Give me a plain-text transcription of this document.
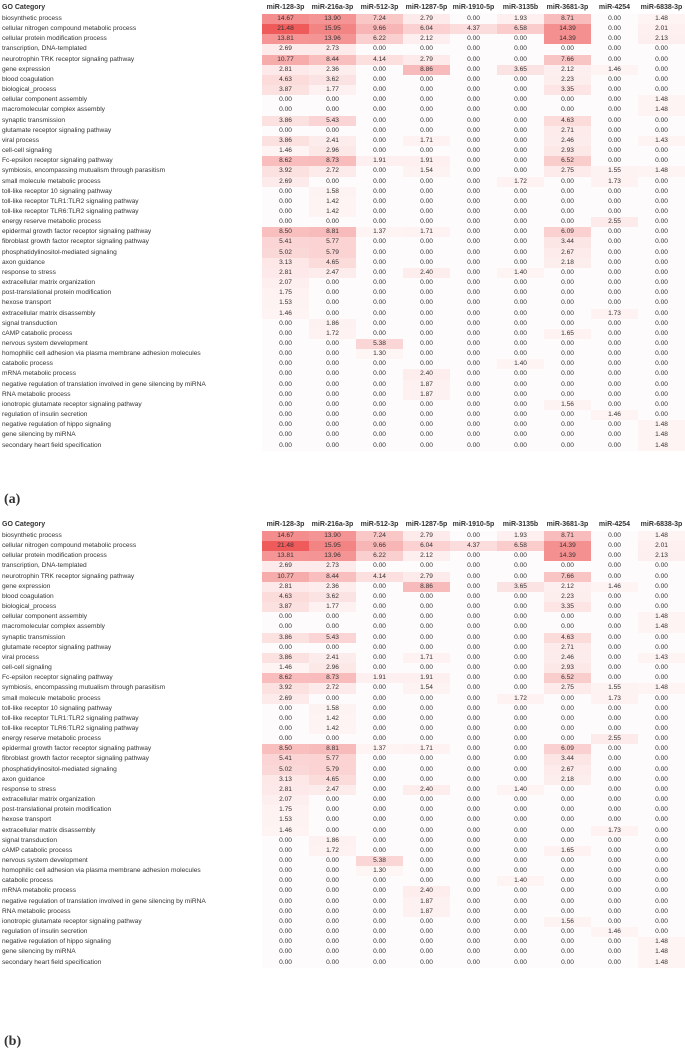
GO Category	miR-128-3p	miR-216a-3p	miR-512-3p	miR-1287-5p miR-1910-5p	miR-3135b	miR-3681-3p	miR-4254	miR-6838-3p
biosynthetic process	14.67	13.90	7.24	2.79	0.00	1.93	8.71	0.00	1.48
cellular nitrogen compound metabolic process	21.48	15.95	9.66	6.04	4.37	6.58	14.39	0.00	2.01
cellular protein modification process	13.81	13.96	6.22	2.12	0.00	0.00	14.39	0.00	2.13
transcription, DNA-templated	2.69	2.73	0.00	0.00	0.00	0.00	0.00	0.00	0.00
neurotrophin TRK receptor signaling pathway	10.77	8.44	4.14	2.79	0.00	0.00	7.66	0.00	0.00
gene expression	2.81	2.36	0.00	8.86	0.00	3.65	2.12	1.46	0.00
blood coagulation	4.63	3.62	0.00	0.00	0.00	0.00	2.23	0.00	0.00
biological_process	3.87	1.77	0.00	0.00	0.00	0.00	3.35	0.00	0.00
cellular component assembly	0.00	0.00	0.00	0.00	0.00	0.00	0.00	0.00	1.48
macromolecular complex assembly	0.00	0.00	0.00	0.00	0.00	0.00	0.00	0.00	1.48
synaptic transmission	3.86	5.43	0.00	0.00	0.00	0.00	4.63	0.00	0.00
glutamate receptor signaling pathway	0.00	0.00	0.00	0.00	0.00	0.00	2.71	0.00	0.00
viral process	3.86	2.41	0.00	1.71	0.00	0.00	2.46	0.00	1.43
cell-cell signaling	1.46	2.96	0.00	0.00	0.00	0.00	2.93	0.00	0.00
Fc-epsilon receptor signaling pathway	8.62	8.73	1.91	1.91	0.00	0.00	6.52	0.00	0.00
symbiosis, encompassing mutualism through parasitism	3.92	2.72	0.00	1.54	0.00	0.00	2.75	1.55	1.48
small molecule metabolic process	2.69	0.00	0.00	0.00	0.00	1.72	0.00	1.73	0.00
toll-like receptor 10 signaling pathway	0.00	1.58	0.00	0.00	0.00	0.00	0.00	0.00	0.00
toll-like receptor TLR1:TLR2 signaling pathway	0.00	1.42	0.00	0.00	0.00	0.00	0.00	0.00	0.00
toll-like receptor TLR6:TLR2 signaling pathway	0.00	1.42	0.00	0.00	0.00	0.00	0.00	0.00	0.00
energy reserve metabolic process	0.00	0.00	0.00	0.00	0.00	0.00	0.00	2.55	0.00
epidermal growth factor receptor signaling pathway	8.50	8.81	1.37	1.71	0.00	0.00	6.09	0.00	0.00
fibroblast growth factor receptor signaling pathway	5.41	5.77	0.00	0.00	0.00	0.00	3.44	0.00	0.00
phosphatidylinositol-mediated signaling	5.02	5.79	0.00	0.00	0.00	0.00	2.67	0.00	0.00
axon guidance	3.13	4.65	0.00	0.00	0.00	0.00	2.18	0.00	0.00
response to stress	2.81	2.47	0.00	2.40	0.00	1.40	0.00	0.00	0.00
extracellular matrix organization	2.07	0.00	0.00	0.00	0.00	0.00	0.00	0.00	0.00
post-translational protein modification	1.75	0.00	0.00	0.00	0.00	0.00	0.00	0.00	0.00
hexose transport	1.53	0.00	0.00	0.00	0.00	0.00	0.00	0.00	0.00
extracellular matrix disassembly	1.46	0.00	0.00	0.00	0.00	0.00	0.00	1.73	0.00
signal transduction	0.00	1.86	0.00	0.00	0.00	0.00	0.00	0.00	0.00
cAMP catabolic process	0.00	1.72	0.00	0.00	0.00	0.00	1.65	0.00	0.00
nervous system development	0.00	0.00	5.38	0.00	0.00	0.00	0.00	0.00	0.00
homophilic cell adhesion via plasma membrane adhesion molecules	0.00	0.00	1.30	0.00	0.00	0.00	0.00	0.00	0.00
catabolic process	0.00	0.00	0.00	0.00	0.00	1.40	0.00	0.00	0.00
mRNA metabolic process	0.00	0.00	0.00	2.40	0.00	0.00	0.00	0.00	0.00
negative regulation of translation involved in gene silencing by miRNA	0.00	0.00	0.00	1.87	0.00	0.00	0.00	0.00	0.00
RNA metabolic process	0.00	0.00	0.00	1.87	0.00	0.00	0.00	0.00	0.00
ionotropic glutamate receptor signaling pathway	0.00	0.00	0.00	0.00	0.00	0.00	1.56	0.00	0.00
regulation of insulin secretion	0.00	0.00	0.00	0.00	0.00	0.00	0.00	1.46	0.00
negative regulation of hippo signaling	0.00	0.00	0.00	0.00	0.00	0.00	0.00	0.00	1.48
gene silencing by miRNA	0.00	0.00	0.00	0.00	0.00	0.00	0.00	0.00	1.48
secondary heart field specification	0.00	0.00	0.00	0.00	0.00	0.00	0.00	0.00	1.48
(a)
GO Category	miR-128-3p	miR-216a-3p	miR-512-3p	miR-1287-5p miR-1910-5p	miR-3135b	miR-3681-3p	miR-4254	miR-6838-3p
biosynthetic process	14.67	13.90	7.24	2.79	0.00	1.93	8.71	0.00	1.48
cellular nitrogen compound metabolic process	21.48	15.95	9.66	6.04	4.37	6.58	14.39	0.00	2.01
cellular protein modification process	13.81	13.96	6.22	2.12	0.00	0.00	14.39	0.00	2.13
transcription, DNA-templated	2.69	2.73	0.00	0.00	0.00	0.00	0.00	0.00	0.00
neurotrophin TRK receptor signaling pathway	10.77	8.44	4.14	2.79	0.00	0.00	7.66	0.00	0.00
gene expression	2.81	2.36	0.00	8.86	0.00	3.65	2.12	1.46	0.00
blood coagulation	4.63	3.62	0.00	0.00	0.00	0.00	2.23	0.00	0.00
biological_process	3.87	1.77	0.00	0.00	0.00	0.00	3.35	0.00	0.00
cellular component assembly	0.00	0.00	0.00	0.00	0.00	0.00	0.00	0.00	1.48
macromolecular complex assembly	0.00	0.00	0.00	0.00	0.00	0.00	0.00	0.00	1.48
synaptic transmission	3.86	5.43	0.00	0.00	0.00	0.00	4.63	0.00	0.00
glutamate receptor signaling pathway	0.00	0.00	0.00	0.00	0.00	0.00	2.71	0.00	0.00
viral process	3.86	2.41	0.00	1.71	0.00	0.00	2.46	0.00	1.43
cell-cell signaling	1.46	2.96	0.00	0.00	0.00	0.00	2.93	0.00	0.00
Fc-epsilon receptor signaling pathway	8.62	8.73	1.91	1.91	0.00	0.00	6.52	0.00	0.00
symbiosis, encompassing mutualism through parasitism	3.92	2.72	0.00	1.54	0.00	0.00	2.75	1.55	1.48
small molecule metabolic process	2.69	0.00	0.00	0.00	0.00	1.72	0.00	1.73	0.00
toll-like receptor 10 signaling pathway	0.00	1.58	0.00	0.00	0.00	0.00	0.00	0.00	0.00
toll-like receptor TLR1:TLR2 signaling pathway	0.00	1.42	0.00	0.00	0.00	0.00	0.00	0.00	0.00
toll-like receptor TLR6:TLR2 signaling pathway	0.00	1.42	0.00	0.00	0.00	0.00	0.00	0.00	0.00
energy reserve metabolic process	0.00	0.00	0.00	0.00	0.00	0.00	0.00	2.55	0.00
epidermal growth factor receptor signaling pathway	8.50	8.81	1.37	1.71	0.00	0.00	6.09	0.00	0.00
fibroblast growth factor receptor signaling pathway	5.41	5.77	0.00	0.00	0.00	0.00	3.44	0.00	0.00
phosphatidylinositol-mediated signaling	5.02	5.79	0.00	0.00	0.00	0.00	2.67	0.00	0.00
axon guidance	3.13	4.65	0.00	0.00	0.00	0.00	2.18	0.00	0.00
response to stress	2.81	2.47	0.00	2.40	0.00	1.40	0.00	0.00	0.00
extracellular matrix organization	2.07	0.00	0.00	0.00	0.00	0.00	0.00	0.00	0.00
post-translational protein modification	1.75	0.00	0.00	0.00	0.00	0.00	0.00	0.00	0.00
hexose transport	1.53	0.00	0.00	0.00	0.00	0.00	0.00	0.00	0.00
extracellular matrix disassembly	1.46	0.00	0.00	0.00	0.00	0.00	0.00	1.73	0.00
signal transduction	0.00	1.86	0.00	0.00	0.00	0.00	0.00	0.00	0.00
cAMP catabolic process	0.00	1.72	0.00	0.00	0.00	0.00	1.65	0.00	0.00
nervous system development	0.00	0.00	5.38	0.00	0.00	0.00	0.00	0.00	0.00
homophilic cell adhesion via plasma membrane adhesion molecules	0.00	0.00	1.30	0.00	0.00	0.00	0.00	0.00	0.00
catabolic process	0.00	0.00	0.00	0.00	0.00	1.40	0.00	0.00	0.00
mRNA metabolic process	0.00	0.00	0.00	2.40	0.00	0.00	0.00	0.00	0.00
negative regulation of translation involved in gene silencing by miRNA	0.00	0.00	0.00	1.87	0.00	0.00	0.00	0.00	0.00
RNA metabolic process	0.00	0.00	0.00	1.87	0.00	0.00	0.00	0.00	0.00
ionotropic glutamate receptor signaling pathway	0.00	0.00	0.00	0.00	0.00	0.00	1.56	0.00	0.00
regulation of insulin secretion	0.00	0.00	0.00	0.00	0.00	0.00	0.00	1.46	0.00
negative regulation of hippo signaling	0.00	0.00	0.00	0.00	0.00	0.00	0.00	0.00	1.48
gene silencing by miRNA	0.00	0.00	0.00	0.00	0.00	0.00	0.00	0.00	1.48
secondary heart field specification	0.00	0.00	0.00	0.00	0.00	0.00	0.00	0.00	1.48
(b)
